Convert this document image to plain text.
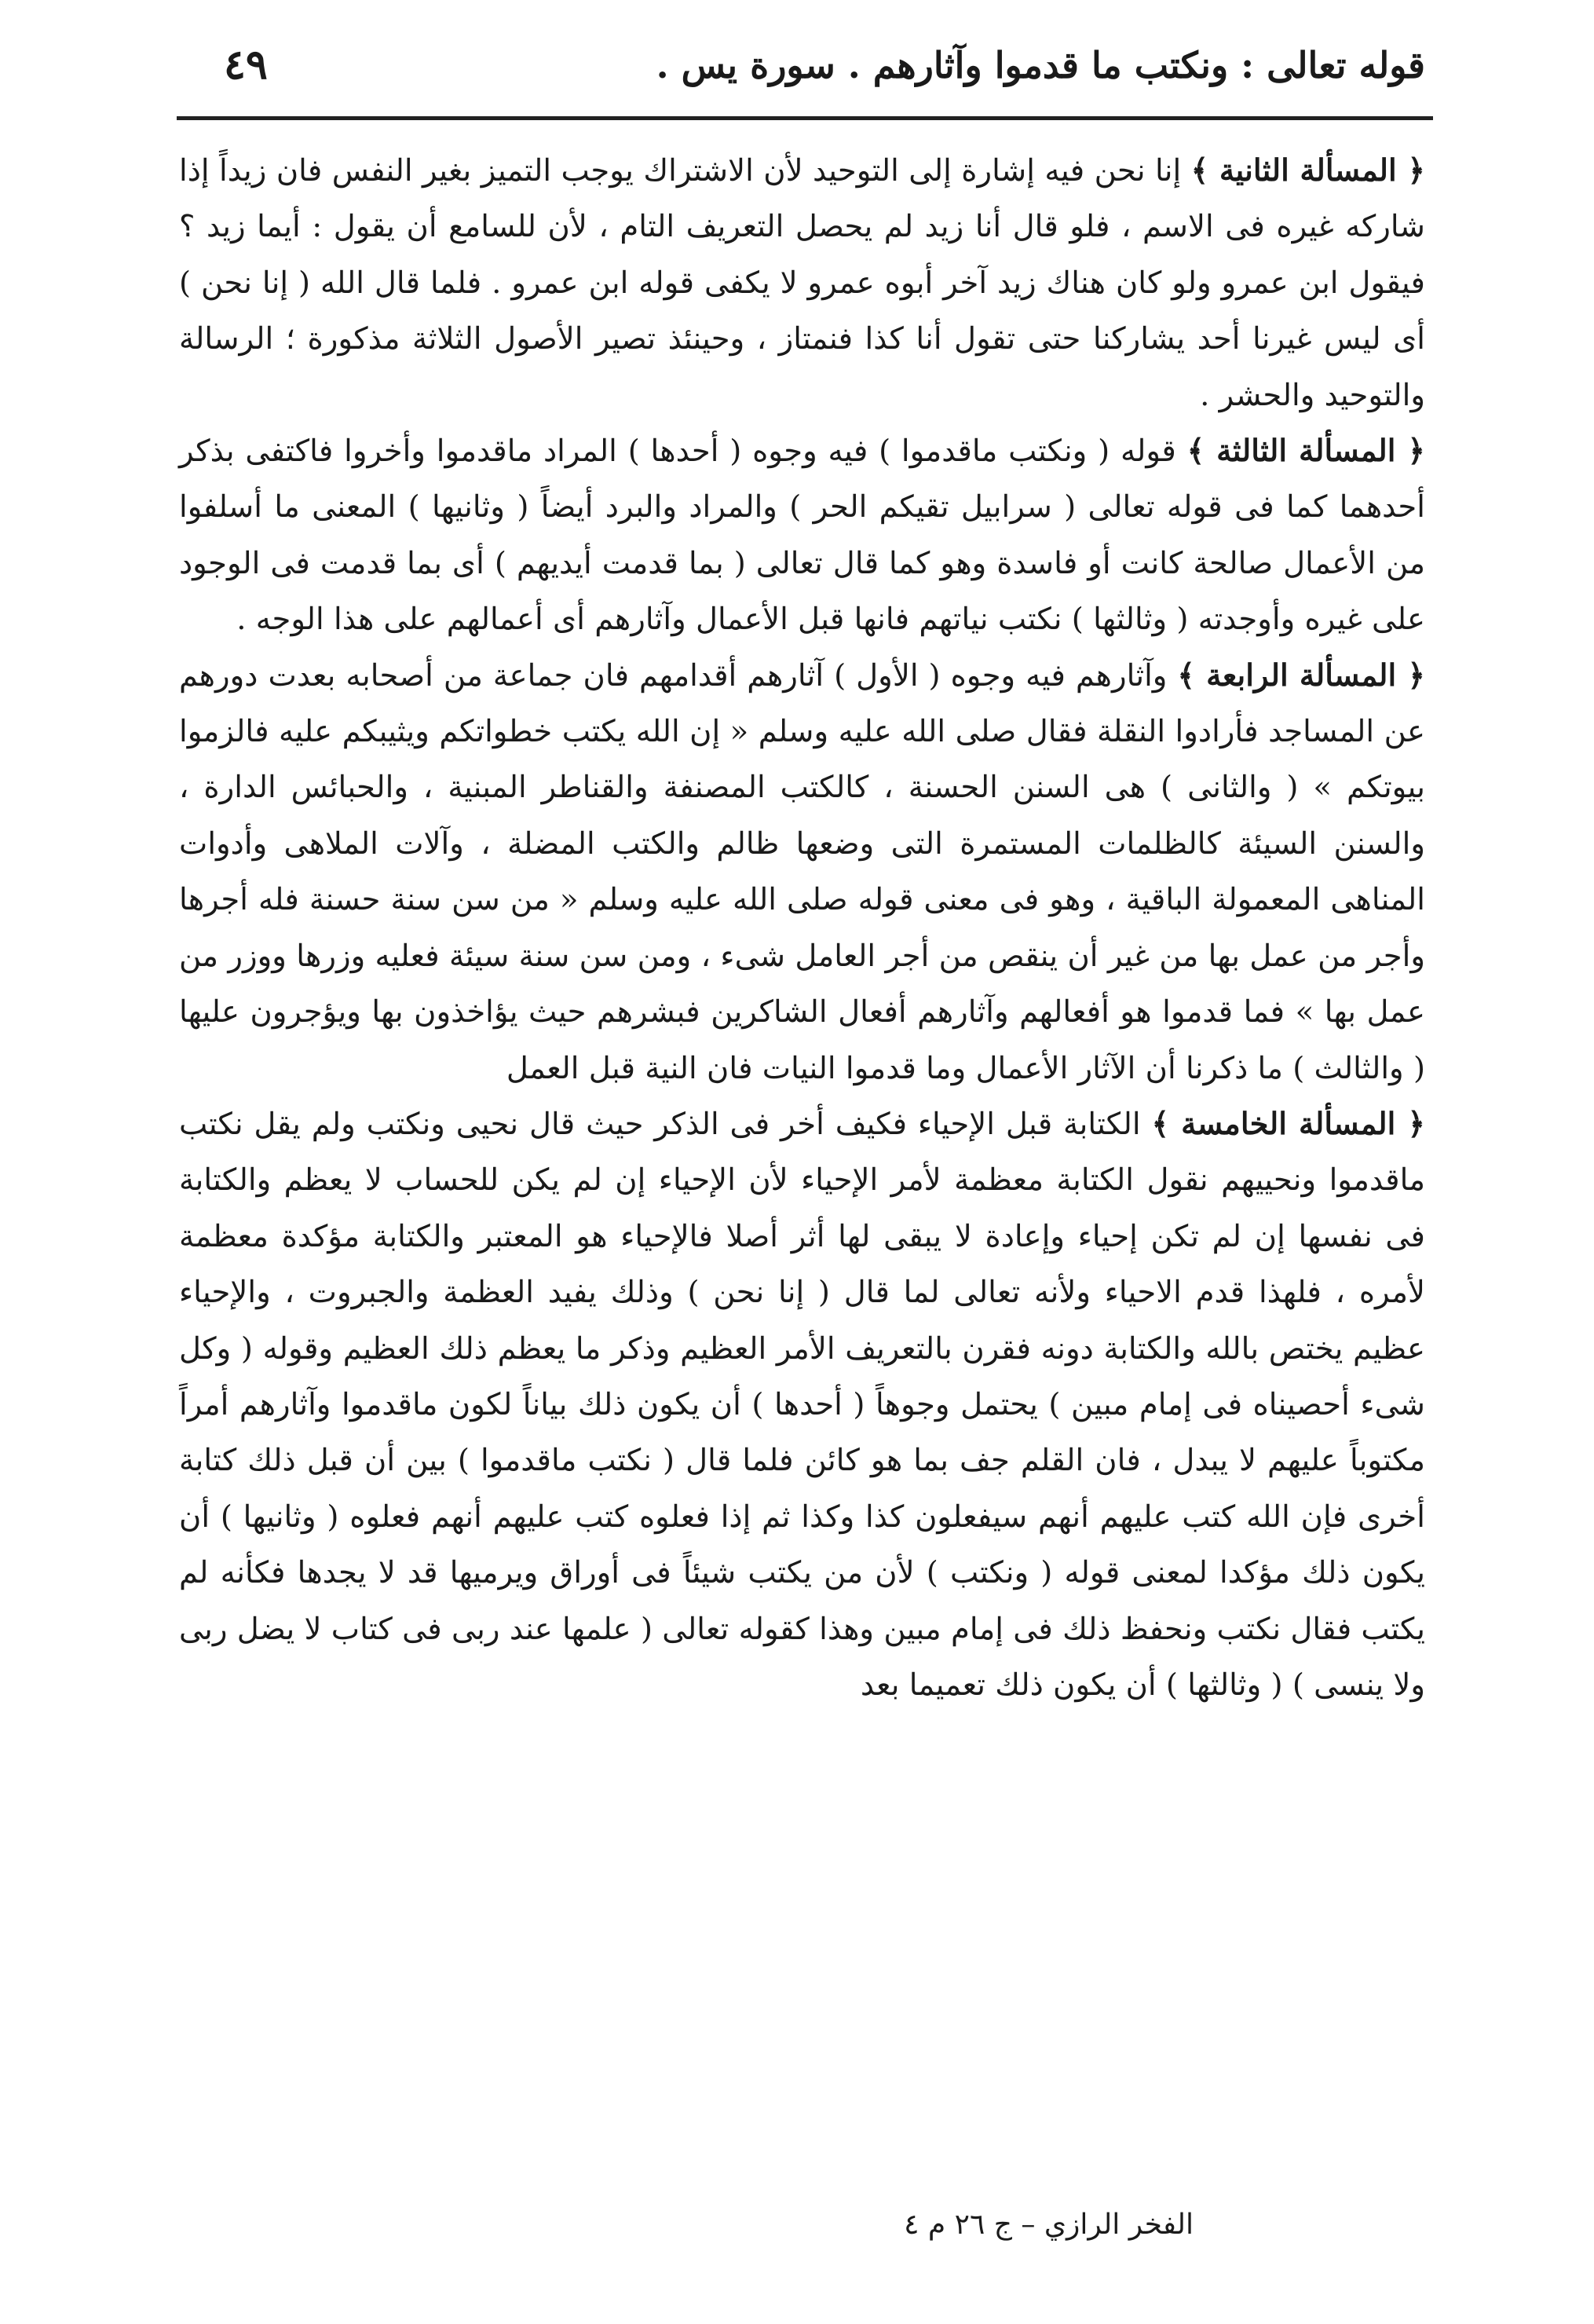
قوله تعالى : ونكتب ما قدموا وآثارهم . سورة يس .
٤٩

﴿ المسألة الثانية ﴾ إنا نحن فيه إشارة إلى التوحيد لأن الاشتراك يوجب التميز بغير النفس فان زيداً إذا شاركه غيره فى الاسم ، فلو قال أنا زيد لم يحصل التعريف التام ، لأن للسامع أن يقول : أيما زيد ؟ فيقول ابن عمرو ولو كان هناك زيد آخر أبوه عمرو لا يكفى قوله ابن عمرو . فلما قال الله ( إنا نحن ) أى ليس غيرنا أحد يشاركنا حتى تقول أنا كذا فنمتاز ، وحينئذ تصير الأصول الثلاثة مذكورة ؛ الرسالة والتوحيد والحشر .

﴿ المسألة الثالثة ﴾ قوله ( ونكتب ماقدموا ) فيه وجوه ( أحدها ) المراد ماقدموا وأخروا فاكتفى بذكر أحدهما كما فى قوله تعالى ( سرابيل تقيكم الحر ) والمراد والبرد أيضاً ( وثانيها ) المعنى ما أسلفوا من الأعمال صالحة كانت أو فاسدة وهو كما قال تعالى ( بما قدمت أيديهم ) أى بما قدمت فى الوجود على غيره وأوجدته ( وثالثها ) نكتب نياتهم فانها قبل الأعمال وآثارهم أى أعمالهم على هذا الوجه .

﴿ المسألة الرابعة ﴾ وآثارهم فيه وجوه ( الأول ) آثارهم أقدامهم فان جماعة من أصحابه بعدت دورهم عن المساجد فأرادوا النقلة فقال صلى الله عليه وسلم « إن الله يكتب خطواتكم ويثيبكم عليه فالزموا بيوتكم » ( والثانى ) هى السنن الحسنة ، كالكتب المصنفة والقناطر المبنية ، والحبائس الدارة ، والسنن السيئة كالظلمات المستمرة التى وضعها ظالم والكتب المضلة ، وآلات الملاهى وأدوات المناهى المعمولة الباقية ، وهو فى معنى قوله صلى الله عليه وسلم « من سن سنة حسنة فله أجرها وأجر من عمل بها من غير أن ينقص من أجر العامل شىء ، ومن سن سنة سيئة فعليه وزرها ووزر من عمل بها » فما قدموا هو أفعالهم وآثارهم أفعال الشاكرين فبشرهم حيث يؤاخذون بها ويؤجرون عليها ( والثالث ) ما ذكرنا أن الآثار الأعمال وما قدموا النيات فان النية قبل العمل

﴿ المسألة الخامسة ﴾ الكتابة قبل الإحياء فكيف أخر فى الذكر حيث قال نحيى ونكتب ولم يقل نكتب ماقدموا ونحييهم نقول الكتابة معظمة لأمر الإحياء لأن الإحياء إن لم يكن للحساب لا يعظم والكتابة فى نفسها إن لم تكن إحياء وإعادة لا يبقى لها أثر أصلا فالإحياء هو المعتبر والكتابة مؤكدة معظمة لأمره ، فلهذا قدم الاحياء ولأنه تعالى لما قال ( إنا نحن ) وذلك يفيد العظمة والجبروت ، والإحياء عظيم يختص بالله والكتابة دونه فقرن بالتعريف الأمر العظيم وذكر ما يعظم ذلك العظيم وقوله ( وكل شىء أحصيناه فى إمام مبين ) يحتمل وجوهاً ( أحدها ) أن يكون ذلك بياناً لكون ماقدموا وآثارهم أمراً مكتوباً عليهم لا يبدل ، فان القلم جف بما هو كائن فلما قال ( نكتب ماقدموا ) بين أن قبل ذلك كتابة أخرى فإن الله كتب عليهم أنهم سيفعلون كذا وكذا ثم إذا فعلوه كتب عليهم أنهم فعلوه ( وثانيها ) أن يكون ذلك مؤكدا لمعنى قوله ( ونكتب ) لأن من يكتب شيئاً فى أوراق ويرميها قد لا يجدها فكأنه لم يكتب فقال نكتب ونحفظ ذلك فى إمام مبين وهذا كقوله تعالى ( علمها عند ربى فى كتاب لا يضل ربى ولا ينسى ) ( وثالثها ) أن يكون ذلك تعميما بعد

الفخر الرازي – ج ٢٦ م ٤
